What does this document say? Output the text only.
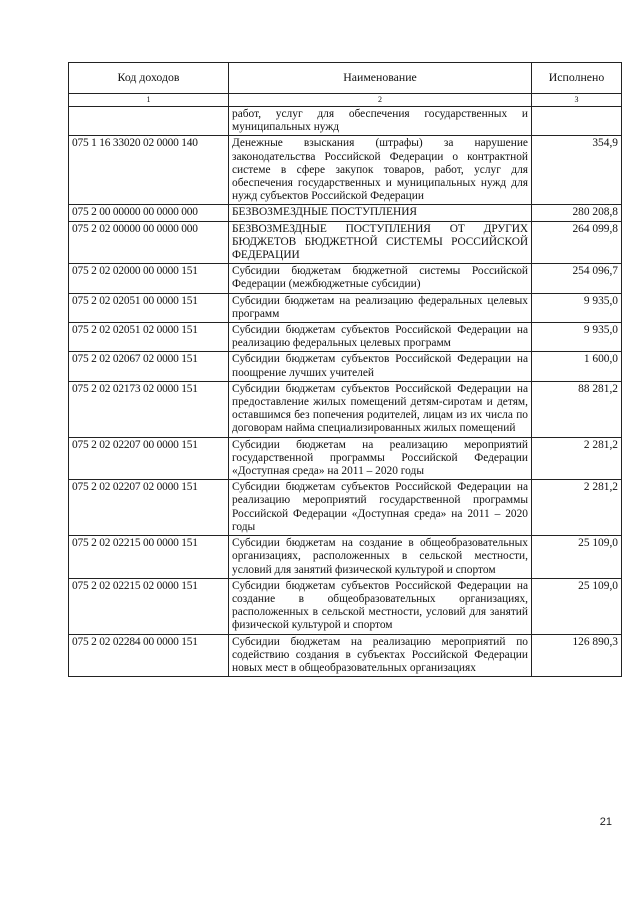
Код доходов	Наименование	Исполнено
1	2	3
	работ, услуг для обеспечения государственных и муниципальных нужд	
075 1 16 33020 02 0000 140	Денежные взыскания (штрафы) за нарушение законодательства Российской Федерации о контрактной системе в сфере закупок товаров, работ, услуг для обеспечения государственных и муниципальных нужд для нужд субъектов Российской Федерации	354,9
075 2 00 00000 00 0000 000	БЕЗВОЗМЕЗДНЫЕ ПОСТУПЛЕНИЯ	280 208,8
075 2 02 00000 00 0000 000	БЕЗВОЗМЕЗДНЫЕ ПОСТУПЛЕНИЯ ОТ ДРУГИХ БЮДЖЕТОВ БЮДЖЕТНОЙ СИСТЕМЫ РОССИЙСКОЙ ФЕДЕРАЦИИ	264 099,8
075 2 02 02000 00 0000 151	Субсидии бюджетам бюджетной системы Российской Федерации (межбюджетные субсидии)	254 096,7
075 2 02 02051 00 0000 151	Субсидии бюджетам на реализацию федеральных целевых программ	9 935,0
075 2 02 02051 02 0000 151	Субсидии бюджетам субъектов Российской Федерации на реализацию федеральных целевых программ	9 935,0
075 2 02 02067 02 0000 151	Субсидии бюджетам субъектов Российской Федерации на поощрение лучших учителей	1 600,0
075 2 02 02173 02 0000 151	Субсидии бюджетам субъектов Российской Федерации на предоставление жилых помещений детям-сиротам и детям, оставшимся без попечения родителей, лицам из их числа по договорам найма специализированных жилых помещений	88 281,2
075 2 02 02207 00 0000 151	Субсидии бюджетам на реализацию мероприятий государственной программы Российской Федерации «Доступная среда» на 2011 – 2020 годы	2 281,2
075 2 02 02207 02 0000 151	Субсидии бюджетам субъектов Российской Федерации на реализацию мероприятий государственной программы Российской Федерации «Доступная среда» на 2011 – 2020 годы	2 281,2
075 2 02 02215 00 0000 151	Субсидии бюджетам на создание в общеобразовательных организациях, расположенных в сельской местности, условий для занятий физической культурой и спортом	25 109,0
075 2 02 02215 02 0000 151	Субсидии бюджетам субъектов Российской Федерации на создание в общеобразовательных организациях, расположенных в сельской местности, условий для занятий физической культурой и спортом	25 109,0
075 2 02 02284 00 0000 151	Субсидии бюджетам на реализацию мероприятий по содействию создания в субъектах Российской Федерации новых мест в общеобразовательных организациях	126 890,3
21
